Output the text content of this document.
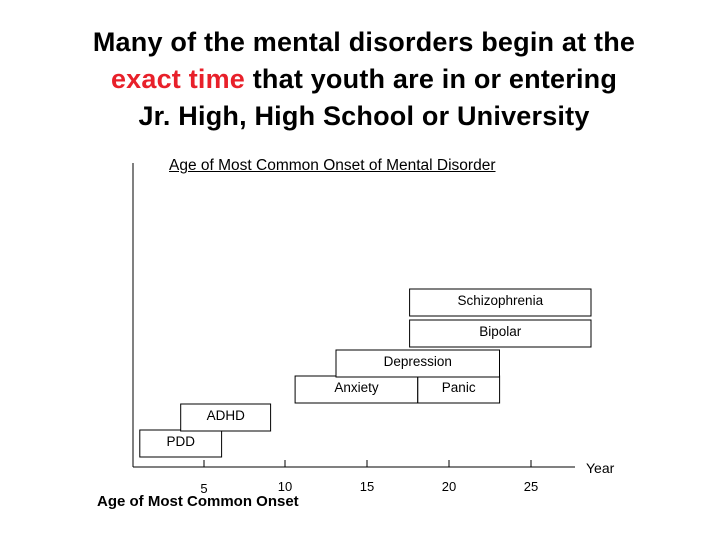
Many of the mental disorders begin at the
exact time that youth are in or entering
Jr. High, High School or University
Age of Most Common Onset of Mental Disorder
PDD
ADHD
Anxiety	Panic
Depression
Bipolar
Schizophrenia
Year
Age of Most Common Onset
5	10	15	20	25
